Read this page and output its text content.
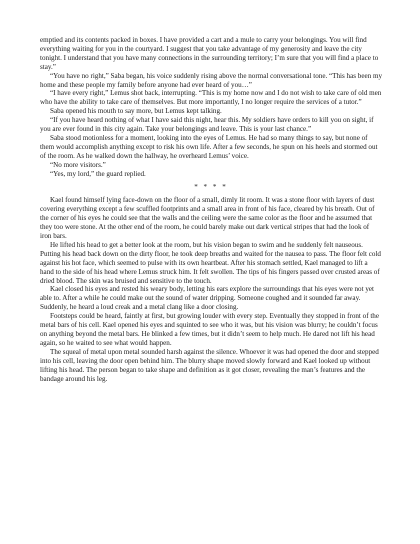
emptied and its contents packed in boxes. I have provided a cart and a mule to carry your belongings. You will find everything waiting for you in the courtyard. I suggest that you take advantage of my generosity and leave the city tonight. I understand that you have many connections in the surrounding territory; I’m sure that you will find a place to stay.”

“You have no right,” Saba began, his voice suddenly rising above the normal conversational tone. “This has been my home and these people my family before anyone had ever heard of you…”

“I have every right,” Lemus shot back, interrupting. “This is my home now and I do not wish to take care of old men who have the ability to take care of themselves. But more importantly, I no longer require the services of a tutor.”

Saba opened his mouth to say more, but Lemus kept talking.

“If you have heard nothing of what I have said this night, hear this. My soldiers have orders to kill you on sight, if you are ever found in this city again. Take your belongings and leave. This is your last chance.”

Saba stood motionless for a moment, looking into the eyes of Lemus. He had so many things to say, but none of them would accomplish anything except to risk his own life. After a few seconds, he spun on his heels and stormed out of the room. As he walked down the hallway, he overheard Lemus’ voice.

“No more visitors.”

“Yes, my lord,” the guard replied.

* * * *

Kael found himself lying face-down on the floor of a small, dimly lit room. It was a stone floor with layers of dust covering everything except a few scuffled footprints and a small area in front of his face, cleared by his breath. Out of the corner of his eyes he could see that the walls and the ceiling were the same color as the floor and he assumed that they too were stone. At the other end of the room, he could barely make out dark vertical stripes that had the look of iron bars.

He lifted his head to get a better look at the room, but his vision began to swim and he suddenly felt nauseous. Putting his head back down on the dirty floor, he took deep breaths and waited for the nausea to pass. The floor felt cold against his hot face, which seemed to pulse with its own heartbeat. After his stomach settled, Kael managed to lift a hand to the side of his head where Lemus struck him. It felt swollen. The tips of his fingers passed over crusted areas of dried blood. The skin was bruised and sensitive to the touch.

Kael closed his eyes and rested his weary body, letting his ears explore the surroundings that his eyes were not yet able to. After a while he could make out the sound of water dripping. Someone coughed and it sounded far away. Suddenly, he heard a loud creak and a metal clang like a door closing.

Footsteps could be heard, faintly at first, but growing louder with every step. Eventually they stopped in front of the metal bars of his cell. Kael opened his eyes and squinted to see who it was, but his vision was blurry; he couldn’t focus on anything beyond the metal bars. He blinked a few times, but it didn’t seem to help much. He dared not lift his head again, so he waited to see what would happen.

The squeal of metal upon metal sounded harsh against the silence. Whoever it was had opened the door and stepped into his cell, leaving the door open behind him. The blurry shape moved slowly forward and Kael looked up without lifting his head. The person began to take shape and definition as it got closer, revealing the man’s features and the bandage around his leg.
